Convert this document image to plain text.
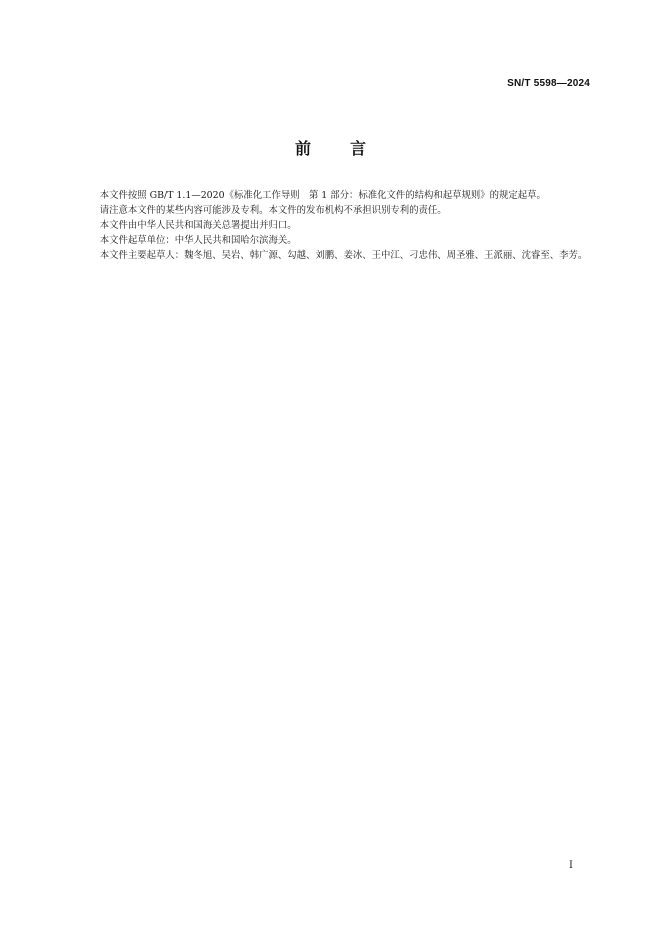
SN/T 5598—2024
前 言

本文件按照 GB/T 1.1—2020《标准化工作导则　第 1 部分：标准化文件的结构和起草规则》的规定起草。

请注意本文件的某些内容可能涉及专利。本文件的发布机构不承担识别专利的责任。

本文件由中华人民共和国海关总署提出并归口。

本文件起草单位：中华人民共和国哈尔滨海关。

本文件主要起草人：魏冬旭、吴岩、韩广源、勾越、刘鹏、姜冰、王中江、刁忠伟、周圣雅、王派丽、沈睿至、李芳。

I
